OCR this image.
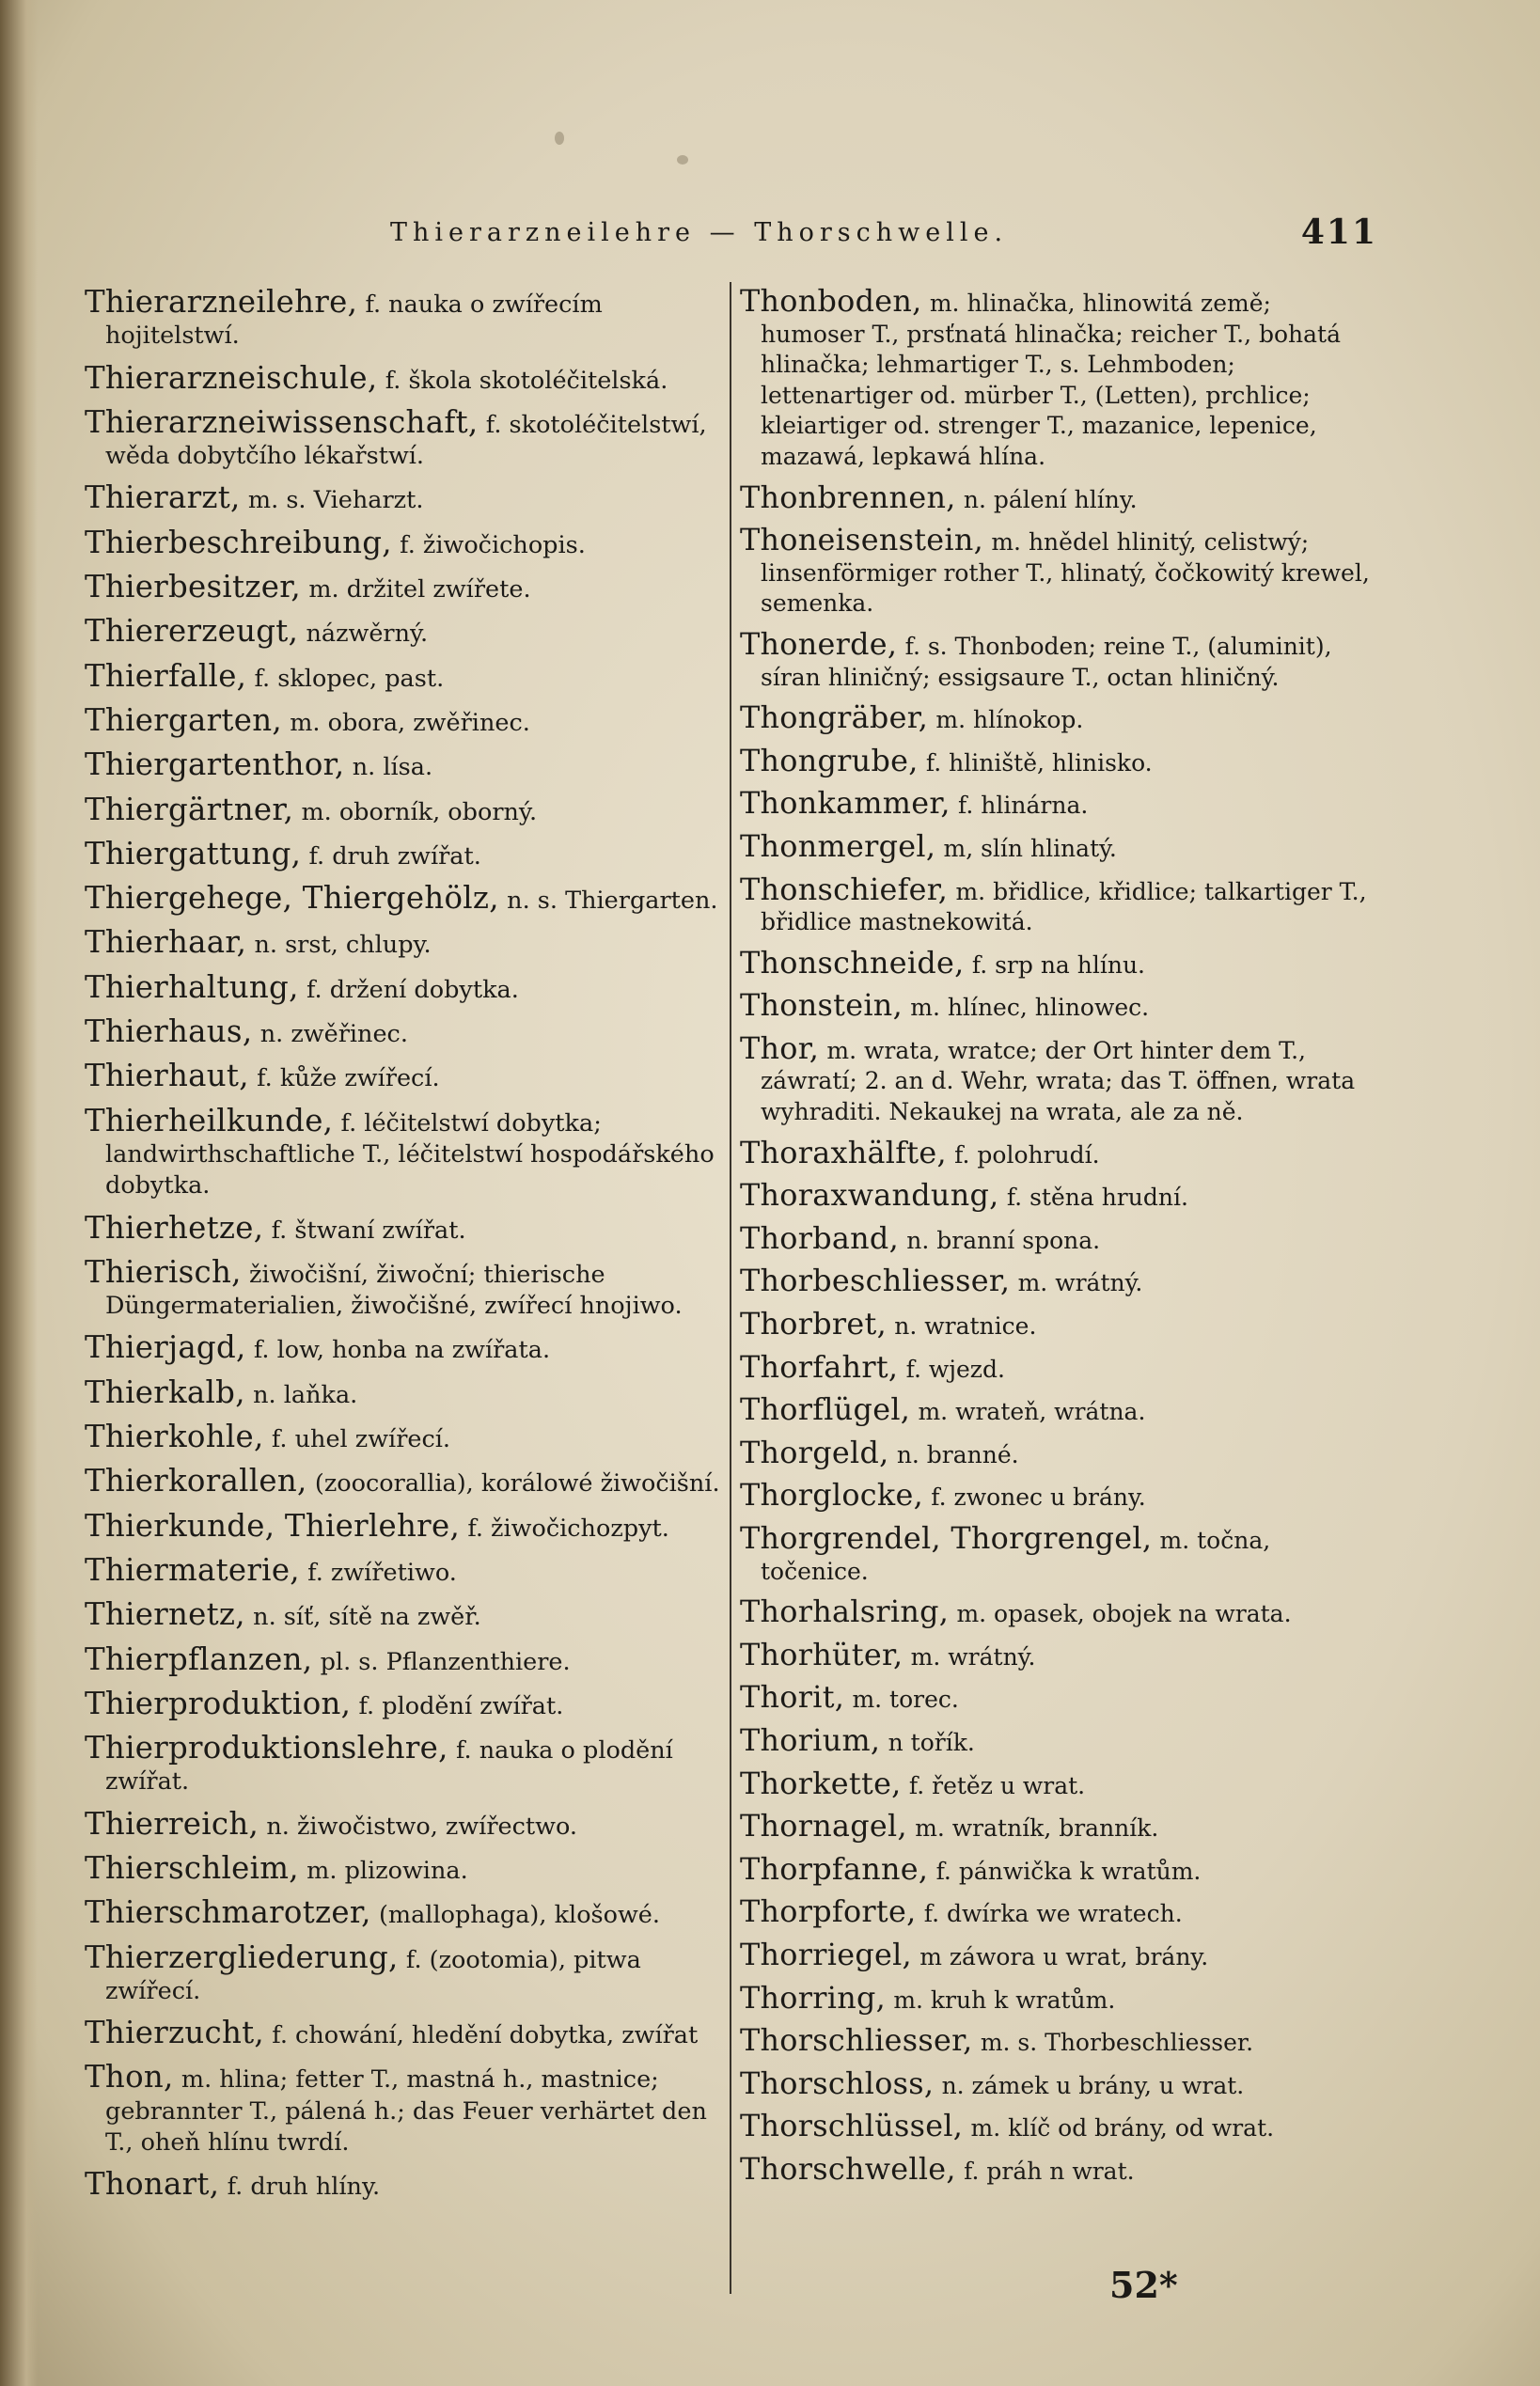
Thierarzneilehre — Thorschwelle.	411
Thierarzneilehre, f. nauka o zwířecím hojitelstwí.
Thierarzneischule, f. škola skotoléčitelská.
Thierarzneiwissenschaft, f. skotoléčitelstwí, wěda dobytčího lékařstwí.
Thierarzt, m. s. Vieharzt.
Thierbeschreibung, f. žiwočichopis.
Thierbesitzer, m. držitel zwířete.
Thiererzeugt, názwěrný.
Thierfalle, f. sklopec, past.
Thiergarten, m. obora, zwěřinec.
Thiergartenthor, n. lísa.
Thiergärtner, m. oborník, oborný.
Thiergattung, f. druh zwířat.
Thiergehege, Thiergehölz, n. s. Thiergarten.
Thierhaar, n. srst, chlupy.
Thierhaltung, f. držení dobytka.
Thierhaus, n. zwěřinec.
Thierhaut, f. kůže zwířecí.
Thierheilkunde, f. léčitelstwí dobytka; landwirthschaftliche T., léčitelstwí hospodářského dobytka.
Thierhetze, f. štwaní zwířat.
Thierisch, žiwočišní, žiwoční; thierische Düngermaterialien, žiwočišné, zwířecí hnojiwo.
Thierjagd, f. low, honba na zwířata.
Thierkalb, n. laňka.
Thierkohle, f. uhel zwířecí.
Thierkorallen, (zoocorallia), korálowé žiwočišní.
Thierkunde, Thierlehre, f. žiwočichozpyt.
Thiermaterie, f. zwířetiwo.
Thiernetz, n. síť, sítě na zwěř.
Thierpflanzen, pl. s. Pflanzenthiere.
Thierproduktion, f. plodění zwířat.
Thierproduktionslehre, f. nauka o plodění zwířat.
Thierreich, n. žiwočistwo, zwířectwo.
Thierschleim, m. plizowina.
Thierschmarotzer, (mallophaga), klošowé.
Thierzergliederung, f. (zootomia), pitwa zwířecí.
Thierzucht, f. chowání, hledění dobytka, zwířat
Thon, m. hlina; fetter T., mastná h., mastnice; gebrannter T., pálená h.; das Feuer verhärtet den T., oheň hlínu twrdí.
Thonart, f. druh hlíny.
Thonboden, m. hlinačka, hlinowitá země; humoser T., prsťnatá hlinačka; reicher T., bohatá hlinačka; lehmartiger T., s. Lehmboden; lettenartiger od. mürber T., (Letten), prchlice; kleiartiger od. strenger T., mazanice, lepenice, mazawá, lepkawá hlína.
Thonbrennen, n. pálení hlíny.
Thoneisenstein, m. hnědel hlinitý, celistwý; linsenförmiger rother T., hlinatý, čočkowitý krewel, semenka.
Thonerde, f. s. Thonboden; reine T., (aluminit), síran hliničný; essigsaure T., octan hliničný.
Thongräber, m. hlínokop.
Thongrube, f. hliniště, hlinisko.
Thonkammer, f. hlinárna.
Thonmergel, m, slín hlinatý.
Thonschiefer, m. břidlice, křidlice; talkartiger T., břidlice mastnekowitá.
Thonschneide, f. srp na hlínu.
Thonstein, m. hlínec, hlinowec.
Thor, m. wrata, wratce; der Ort hinter dem T., záwratí; 2. an d. Wehr, wrata; das T. öffnen, wrata wyhraditi. Nekaukej na wrata, ale za ně.
Thoraxhälfte, f. polohrudí.
Thoraxwandung, f. stěna hrudní.
Thorband, n. branní spona.
Thorbeschliesser, m. wrátný.
Thorbret, n. wratnice.
Thorfahrt, f. wjezd.
Thorflügel, m. wrateň, wrátna.
Thorgeld, n. branné.
Thorglocke, f. zwonec u brány.
Thorgrendel, Thorgrengel, m. točna, točenice.
Thorhalsring, m. opasek, obojek na wrata.
Thorhüter, m. wrátný.
Thorit, m. torec.
Thorium, n tořík.
Thorkette, f. řetěz u wrat.
Thornagel, m. wratník, branník.
Thorpfanne, f. pánwička k wratům.
Thorpforte, f. dwírka we wratech.
Thorriegel, m záwora u wrat, brány.
Thorring, m. kruh k wratům.
Thorschliesser, m. s. Thorbeschliesser.
Thorschloss, n. zámek u brány, u wrat.
Thorschlüssel, m. klíč od brány, od wrat.
Thorschwelle, f. práh n wrat.
52*
